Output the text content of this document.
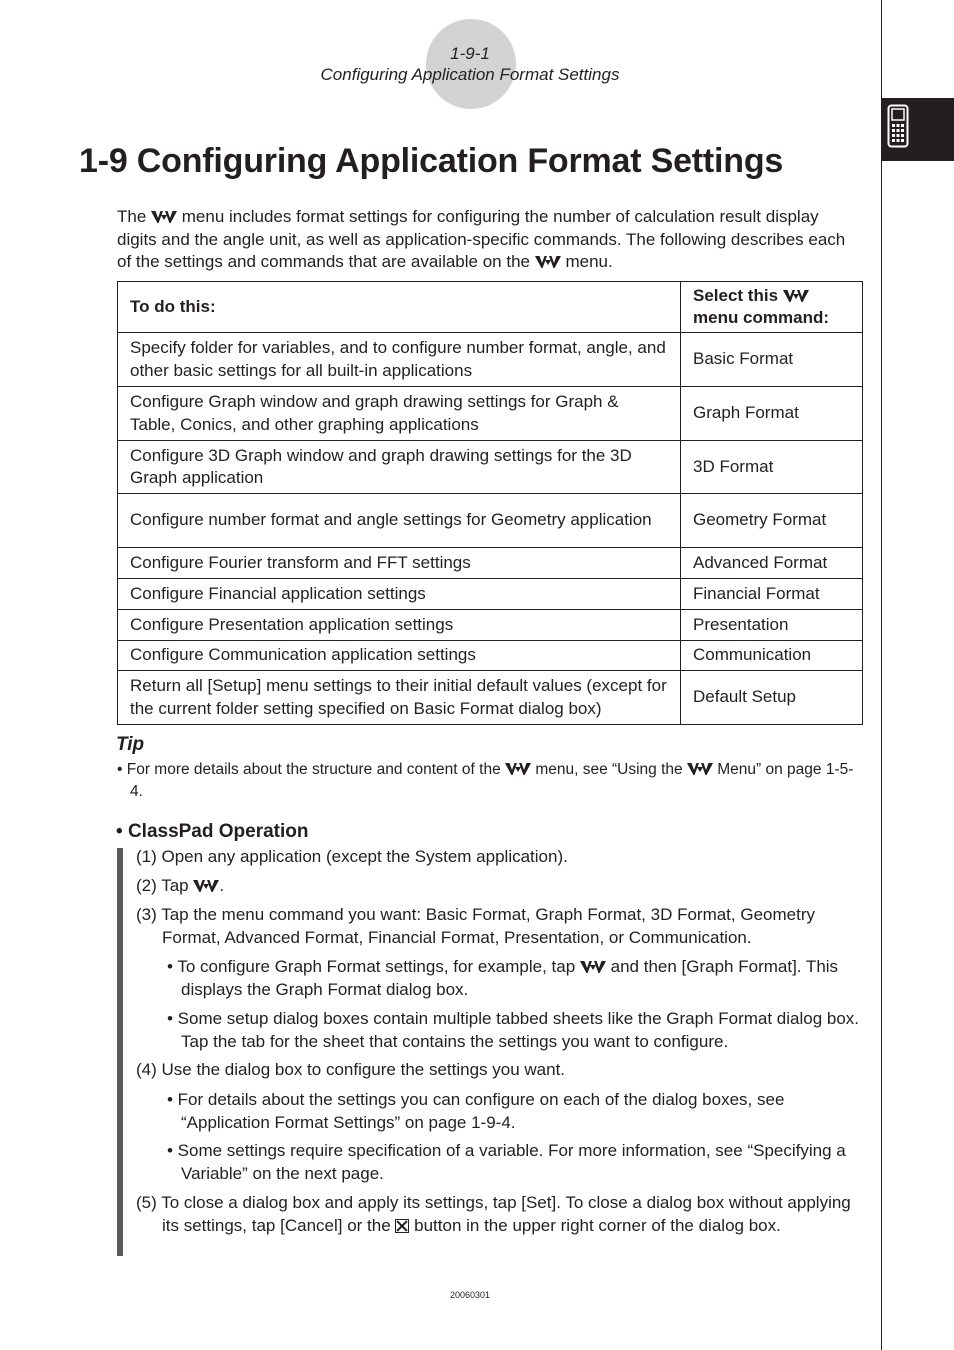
1-9-1
Configuring Application Format Settings
1-9 Configuring Application Format Settings
The menu includes format settings for configuring the number of calculation result display digits and the angle unit, as well as application-specific commands. The following describes each of the settings and commands that are available on the menu.
To do this:	Select this
menu command:
Specify folder for variables, and to configure number format, angle, and other basic settings for all built-in applications	Basic Format
Configure Graph window and graph drawing settings for Graph & Table, Conics, and other graphing applications	Graph Format
Configure 3D Graph window and graph drawing settings for the 3D Graph application	3D Format
Configure number format and angle settings for Geometry application	Geometry Format
Configure Fourier transform and FFT settings	Advanced Format
Configure Financial application settings	Financial Format
Configure Presentation application settings	Presentation
Configure Communication application settings	Communication
Return all [Setup] menu settings to their initial default values (except for the current folder setting specified on Basic Format dialog box)	Default Setup
Tip
• For more details about the structure and content of the menu, see “Using the Menu” on page 1-5-4.
• ClassPad Operation
(1) Open any application (except the System application).
(2) Tap .
(3) Tap the menu command you want: Basic Format, Graph Format, 3D Format, Geometry Format, Advanced Format, Financial Format, Presentation, or Communication.
• To configure Graph Format settings, for example, tap and then [Graph Format]. This displays the Graph Format dialog box.
• Some setup dialog boxes contain multiple tabbed sheets like the Graph Format dialog box. Tap the tab for the sheet that contains the settings you want to configure.
(4) Use the dialog box to configure the settings you want.
• For details about the settings you can configure on each of the dialog boxes, see “Application Format Settings” on page 1-9-4.
• Some settings require specification of a variable. For more information, see “Specifying a Variable” on the next page.
(5) To close a dialog box and apply its settings, tap [Set]. To close a dialog box without applying its settings, tap [Cancel] or the button in the upper right corner of the dialog box.
20060301
